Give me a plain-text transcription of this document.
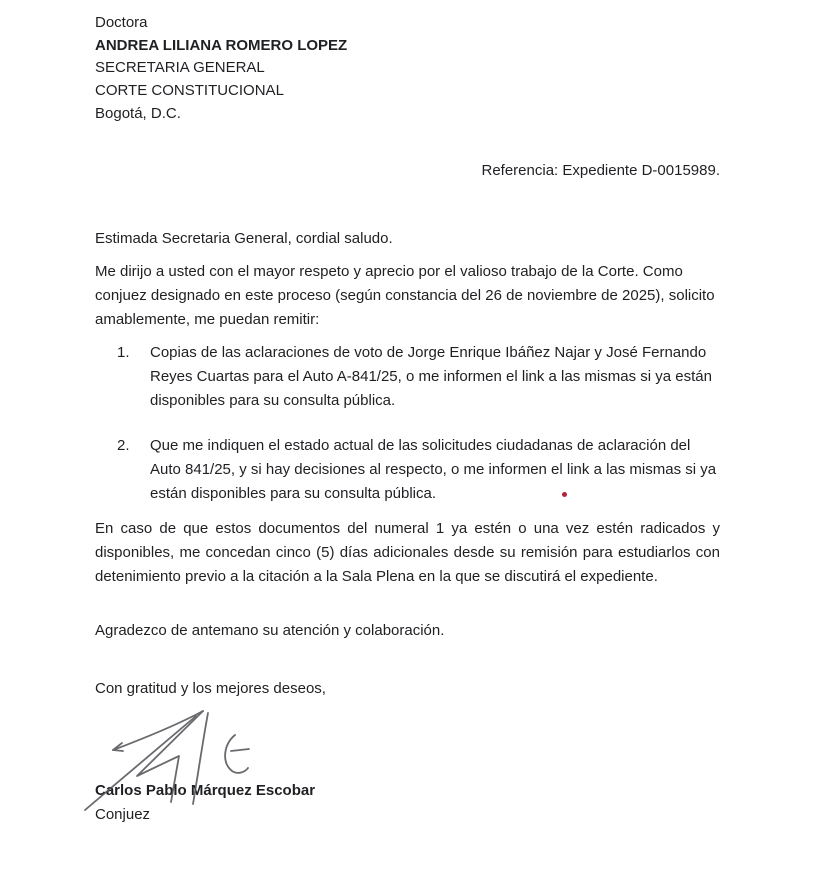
Doctora
ANDREA LILIANA ROMERO LOPEZ
SECRETARIA GENERAL
CORTE CONSTITUCIONAL
Bogotá, D.C.
Referencia: Expediente D-0015989.

Estimada Secretaria General, cordial saludo.

Me dirijo a usted con el mayor respeto y aprecio por el valioso trabajo de la Corte. Como conjuez designado en este proceso (según constancia del 26 de noviembre de 2025), solicito amablemente, me puedan remitir:

1.	Copias de las aclaraciones de voto de Jorge Enrique Ibáñez Najar y José Fernando Reyes Cuartas para el Auto A-841/25, o me informen el link a las mismas si ya están disponibles para su consulta pública.
2.	Que me indiquen el estado actual de las solicitudes ciudadanas de aclaración del Auto 841/25, y si hay decisiones al respecto, o me informen el link a las mismas si ya están disponibles para su consulta pública.

En caso de que estos documentos del numeral 1 ya estén o una vez estén radicados y disponibles, me concedan cinco (5) días adicionales desde su remisión para estudiarlos con detenimiento previo a la citación a la Sala Plena en la que se discutirá el expediente.

Agradezco de antemano su atención y colaboración.

Con gratitud y los mejores deseos,

Carlos Pablo Márquez Escobar
Conjuez
